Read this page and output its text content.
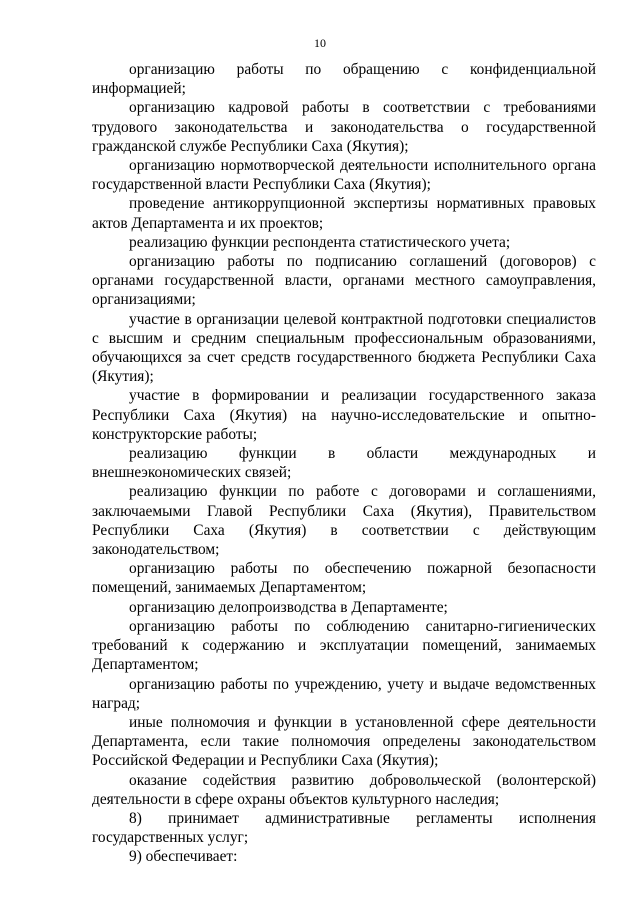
10

организацию работы по обращению с конфиденциальной информацией;

организацию кадровой работы в соответствии с требованиями трудового законодательства и законодательства о государственной гражданской службе Республики Саха (Якутия);

организацию нормотворческой деятельности исполнительного органа государственной власти Республики Саха (Якутия);

проведение антикоррупционной экспертизы нормативных правовых актов Департамента и их проектов;

реализацию функции респондента статистического учета;

организацию работы по подписанию соглашений (договоров) с органами государственной власти, органами местного самоуправления, организациями;

участие в организации целевой контрактной подготовки специалистов с высшим и средним специальным профессиональным образованиями, обучающихся за счет средств государственного бюджета Республики Саха (Якутия);

участие в формировании и реализации государственного заказа Республики Саха (Якутия) на научно-исследовательские и опытно-конструкторские работы;

реализацию функции в области международных и внешнеэкономических связей;

реализацию функции по работе с договорами и соглашениями, заключаемыми Главой Республики Саха (Якутия), Правительством Республики Саха (Якутия) в соответствии с действующим законодательством;

организацию работы по обеспечению пожарной безопасности помещений, занимаемых Департаментом;

организацию делопроизводства в Департаменте;

организацию работы по соблюдению санитарно-гигиенических требований к содержанию и эксплуатации помещений, занимаемых Департаментом;

организацию работы по учреждению, учету и выдаче ведомственных наград;

иные полномочия и функции в установленной сфере деятельности Департамента, если такие полномочия определены законодательством Российской Федерации и Республики Саха (Якутия);

оказание содействия развитию добровольческой (волонтерской) деятельности в сфере охраны объектов культурного наследия;

8) принимает административные регламенты исполнения государственных услуг;

9) обеспечивает:
